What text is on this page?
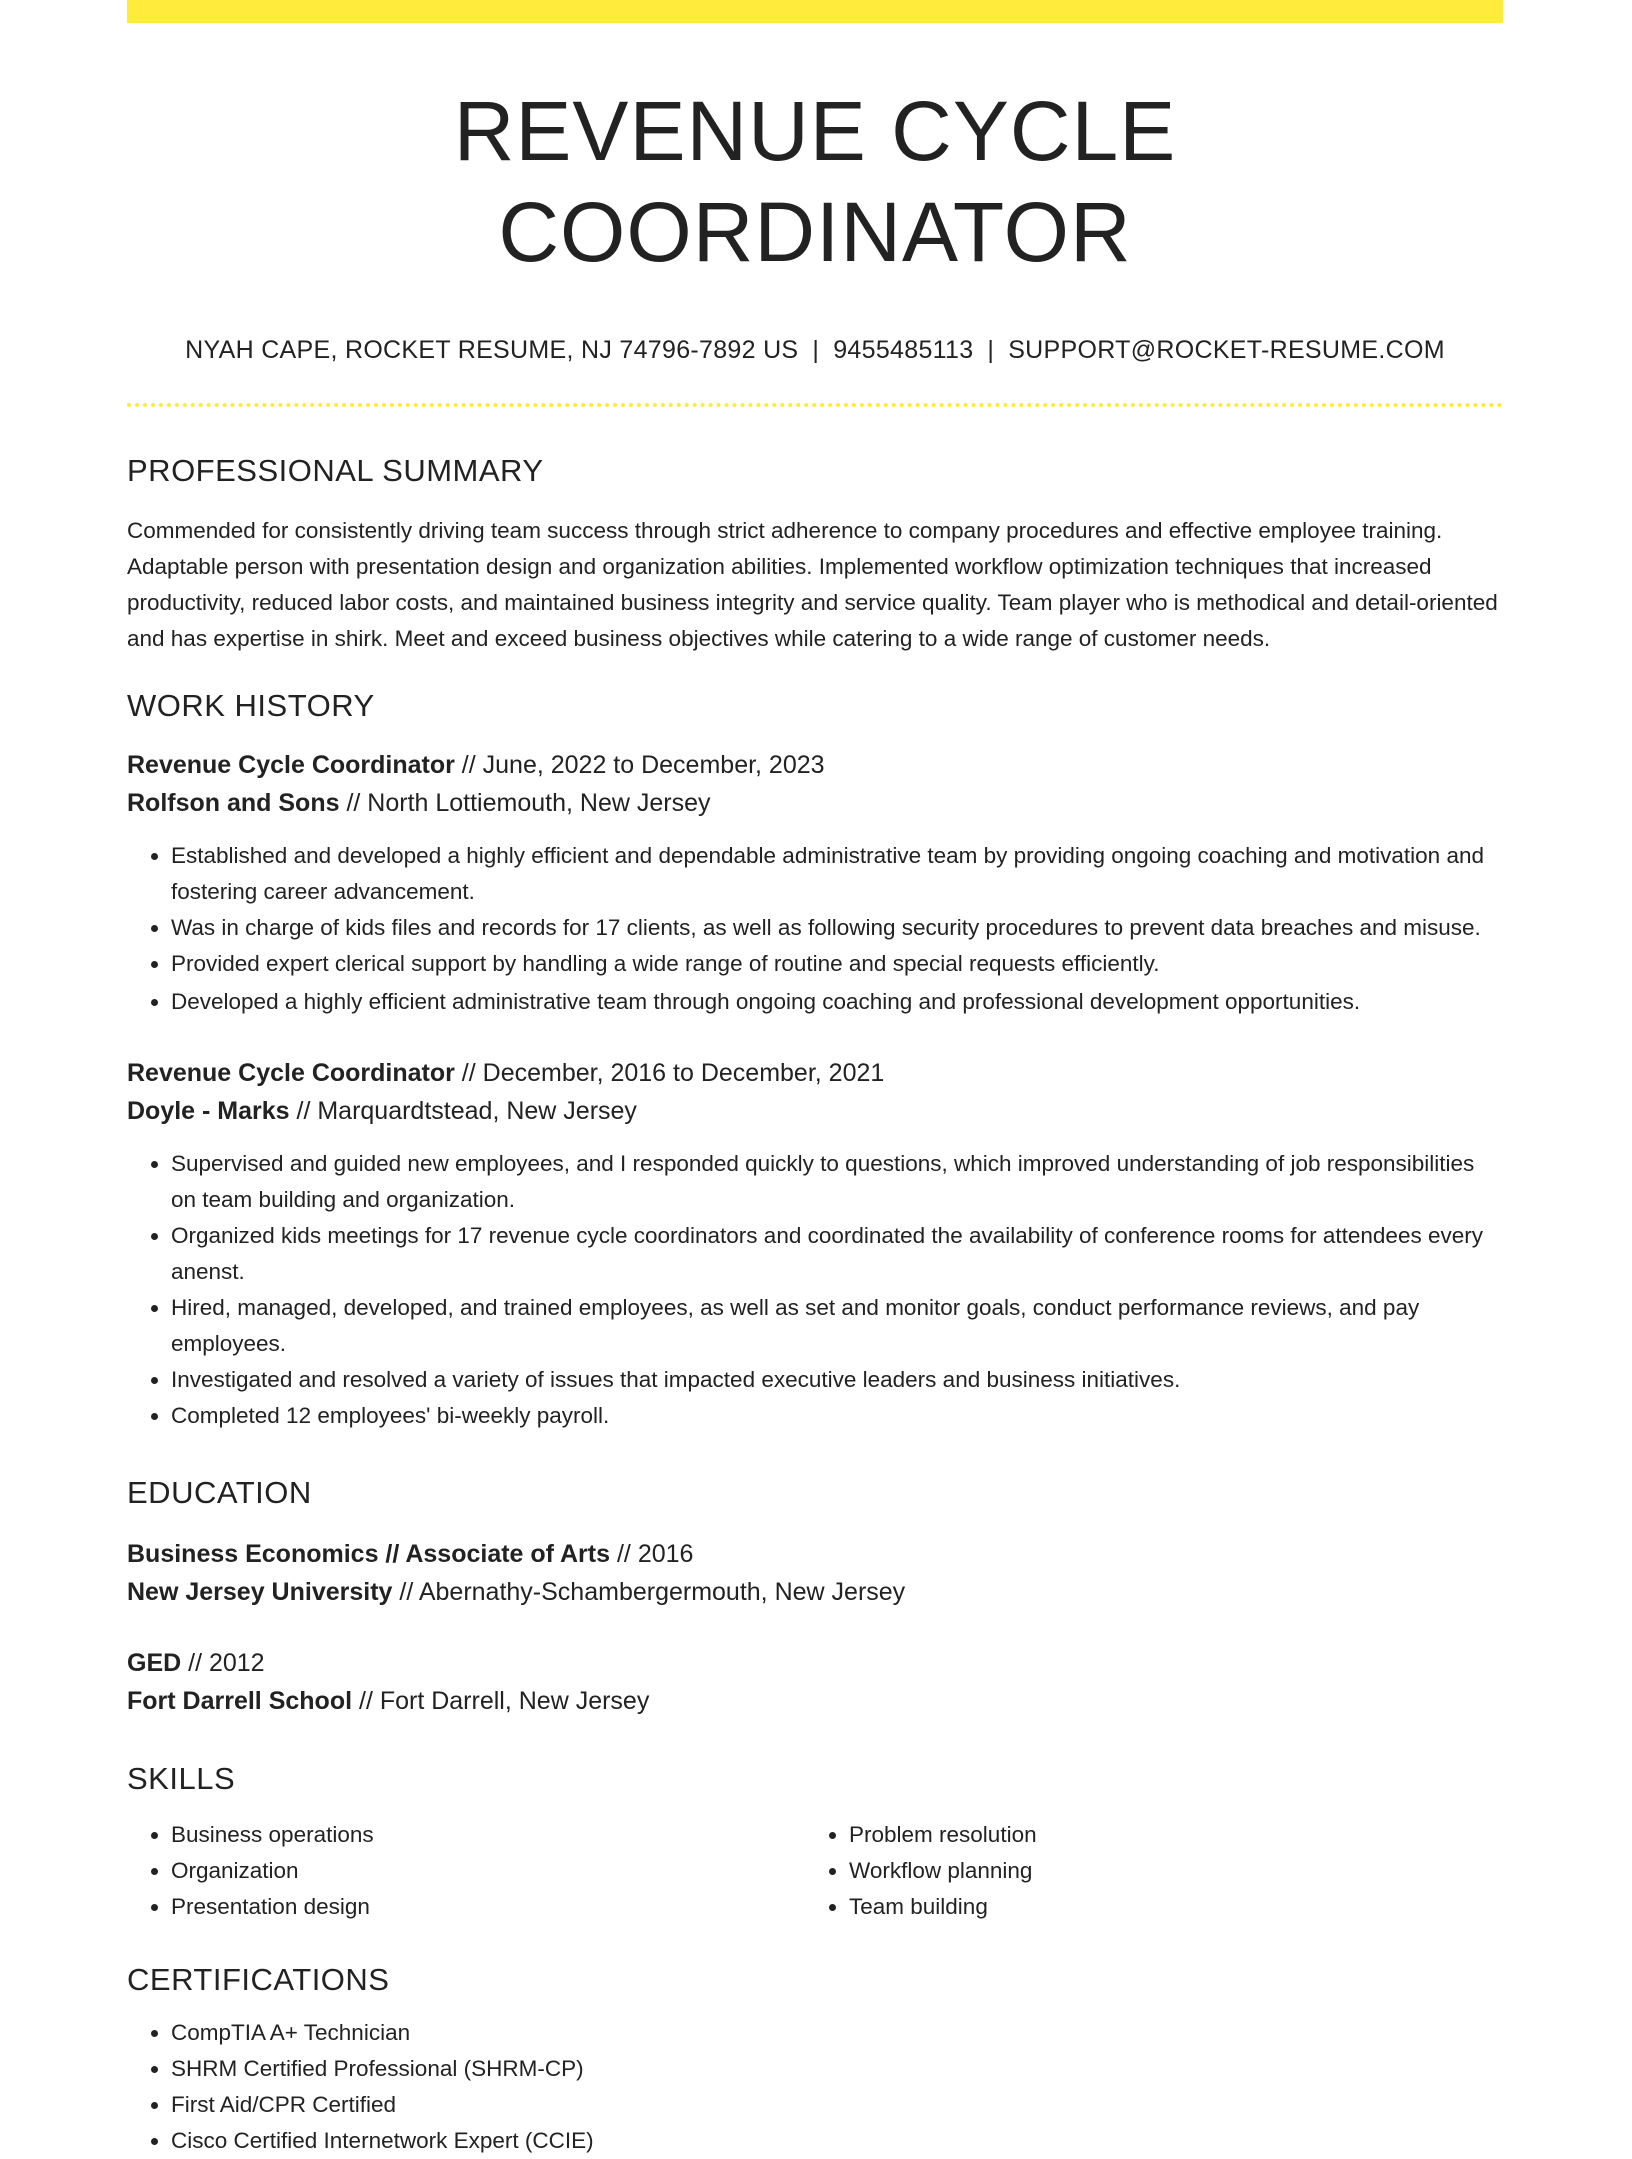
REVENUE CYCLE COORDINATOR
NYAH CAPE, ROCKET RESUME, NJ 74796-7892 US | 9455485113 | SUPPORT@ROCKET-RESUME.COM
PROFESSIONAL SUMMARY

Commended for consistently driving team success through strict adherence to company procedures and effective employee training. Adaptable person with presentation design and organization abilities. Implemented workflow optimization techniques that increased productivity, reduced labor costs, and maintained business integrity and service quality. Team player who is methodical and detail-oriented and has expertise in shirk. Meet and exceed business objectives while catering to a wide range of customer needs.

WORK HISTORY
Revenue Cycle Coordinator // June, 2022 to December, 2023
Rolfson and Sons // North Lottiemouth, New Jersey
• Established and developed a highly efficient and dependable administrative team by providing ongoing coaching and motivation and fostering career advancement.
• Was in charge of kids files and records for 17 clients, as well as following security procedures to prevent data breaches and misuse.
• Provided expert clerical support by handling a wide range of routine and special requests efficiently.
• Developed a highly efficient administrative team through ongoing coaching and professional development opportunities.
Revenue Cycle Coordinator // December, 2016 to December, 2021
Doyle - Marks // Marquardtstead, New Jersey
• Supervised and guided new employees, and I responded quickly to questions, which improved understanding of job responsibilities on team building and organization.
• Organized kids meetings for 17 revenue cycle coordinators and coordinated the availability of conference rooms for attendees every anenst.
• Hired, managed, developed, and trained employees, as well as set and monitor goals, conduct performance reviews, and pay employees.
• Investigated and resolved a variety of issues that impacted executive leaders and business initiatives.
• Completed 12 employees' bi-weekly payroll.
EDUCATION
Business Economics // Associate of Arts // 2016
New Jersey University // Abernathy-Schambergermouth, New Jersey
GED // 2012
Fort Darrell School // Fort Darrell, New Jersey
SKILLS
• Business operations
• Organization
• Presentation design
• Problem resolution
• Workflow planning
• Team building
CERTIFICATIONS
• CompTIA A+ Technician
• SHRM Certified Professional (SHRM-CP)
• First Aid/CPR Certified
• Cisco Certified Internetwork Expert (CCIE)
